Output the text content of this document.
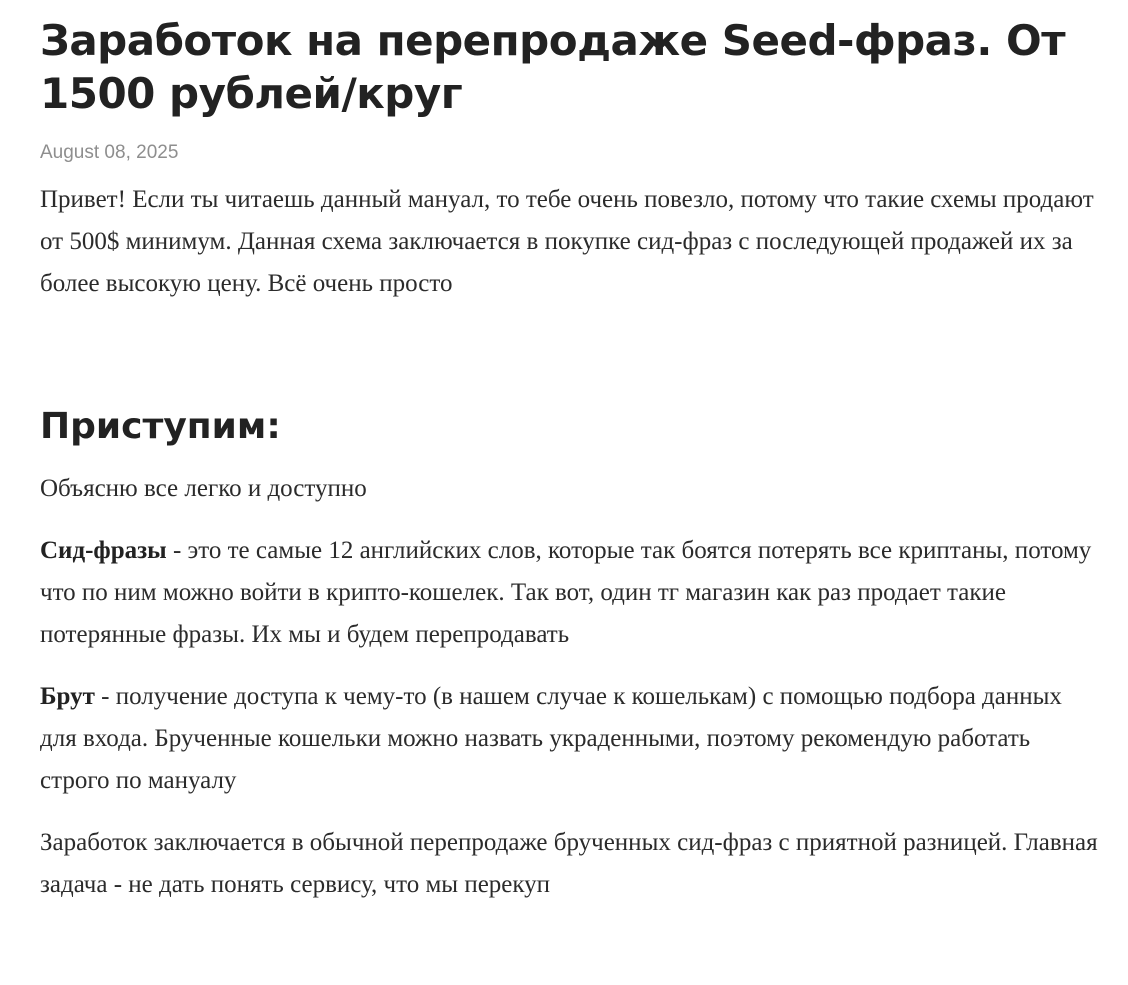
Заработок на перепродаже Seed-фраз. От 1500 рублей/круг
August 08, 2025

Привет! Если ты читаешь данный мануал, то тебе очень повезло, потому что такие схемы продают от 500$ минимум. Данная схема заключается в покупке сид-фраз с последующей продажей их за более высокую цену. Всё очень просто

Приступим:

Объясню все легко и доступно

Сид-фразы - это те самые 12 английских слов, которые так боятся потерять все криптаны, потому что по ним можно войти в крипто-кошелек. Так вот, один тг магазин как раз продает такие потерянные фразы. Их мы и будем перепродавать

Брут - получение доступа к чему-то (в нашем случае к кошелькам) с помощью подбора данных для входа. Брученные кошельки можно назвать украденными, поэтому рекомендую работать строго по мануалу

Заработок заключается в обычной перепродаже брученных сид-фраз с приятной разницей. Главная задача - не дать понять сервису, что мы перекуп
